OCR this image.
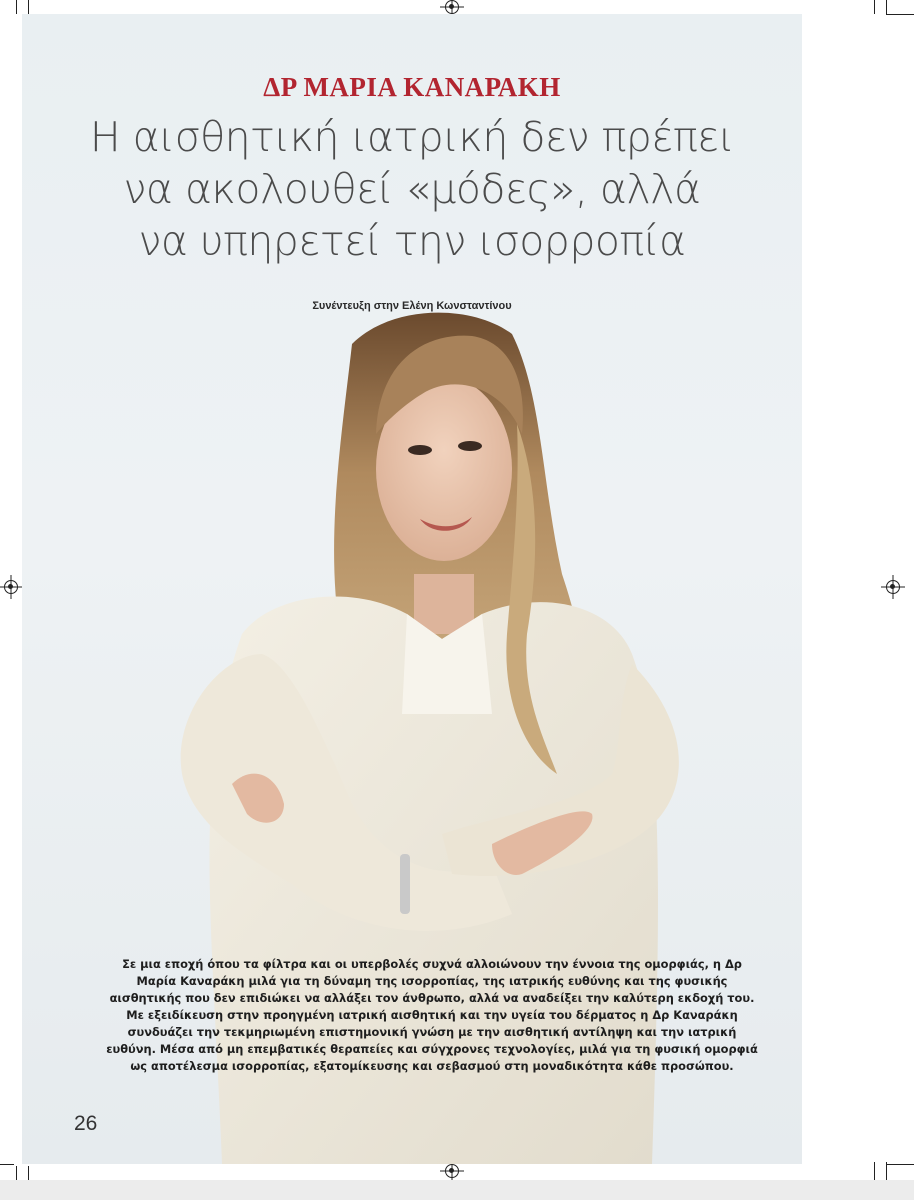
ΔΡ ΜΑΡΙΑ ΚΑΝΑΡΑΚΗ
Η αισθητική ιατρική δεν πρέπει
να ακολουθεί «μόδες», αλλά
να υπηρετεί την ισορροπία
Συνέντευξη στην Ελένη Κωνσταντίνου
Σε μια εποχή όπου τα φίλτρα και οι υπερβολές συχνά αλλοιώνουν την έννοια της ομορφιάς, η Δρ
Μαρία Καναράκη μιλά για τη δύναμη της ισορροπίας, της ιατρικής ευθύνης και της φυσικής
αισθητικής που δεν επιδιώκει να αλλάξει τον άνθρωπο, αλλά να αναδείξει την καλύτερη εκδοχή του.
Με εξειδίκευση στην προηγμένη ιατρική αισθητική και την υγεία του δέρματος η Δρ Καναράκη
συνδυάζει την τεκμηριωμένη επιστημονική γνώση με την αισθητική αντίληψη και την ιατρική
ευθύνη. Μέσα από μη επεμβατικές θεραπείες και σύγχρονες τεχνολογίες, μιλά για τη φυσική ομορφιά
ως αποτέλεσμα ισορροπίας, εξατομίκευσης και σεβασμού στη μοναδικότητα κάθε προσώπου.
26
